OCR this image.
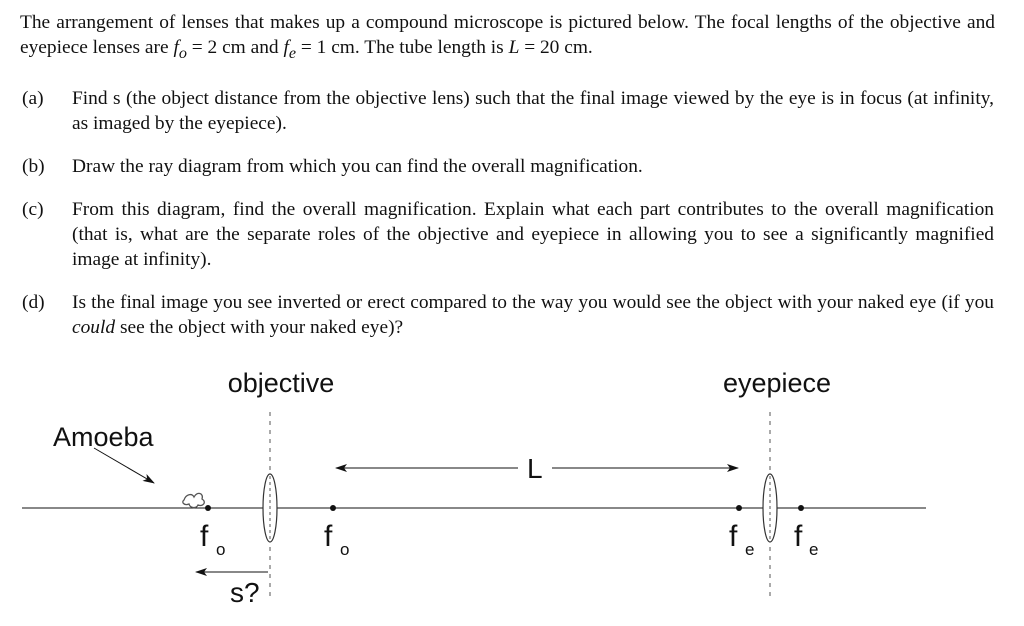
The arrangement of lenses that makes up a compound microscope is pictured below. The focal lengths of the objective and eyepiece lenses are $f_o = 2$ cm and $f_e = 1$ cm. The tube length is L = 20 cm.

(a) Find s (the object distance from the objective lens) such that the final image viewed by the eye is in focus (at infinity, as imaged by the eyepiece).
(b) Draw the ray diagram from which you can find the overall magnification.
(c) From this diagram, find the overall magnification. Explain what each part contributes to the overall magnification (that is, what are the separate roles of the objective and eyepiece in allowing you to see a significantly magnified image at infinity).
(d) Is the final image you see inverted or erect compared to the way you would see the object with your naked eye (if you could see the object with your naked eye)?
objective	eyepiece
Amoeba
L
f o	f o	f e f e
s?
